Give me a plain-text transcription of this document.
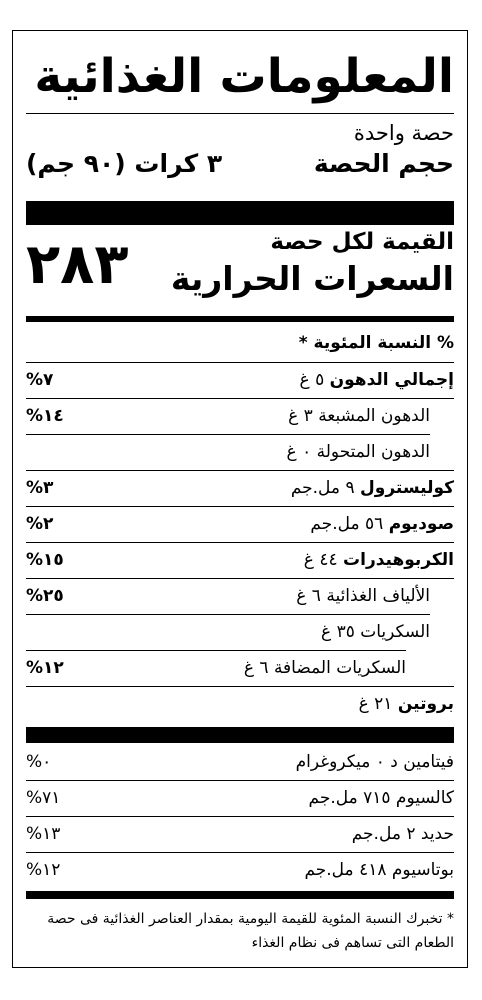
المعلومات الغذائية
حصة واحدة
حجم الحصة
٣ كرات (٩٠ جم)
القيمة لكل حصة
السعرات الحرارية
٢٨٣
% النسبة المئوية *
إجمالي الدهون ٥ غ
٧%
الدهون المشبعة ٣ غ
١٤%
الدهون المتحولة ٠ غ
كوليسترول ٩ مل.جم
٣%
صوديوم ٥٦ مل.جم
٢%
الكربوهيدرات ٤٤ غ
١٥%
الألياف الغذائية ٦ غ
٢٥%
السكريات ٣٥ غ
السكريات المضافة ٦ غ
١٢%
بروتين ٢١ غ
فيتامين د ٠ ميكروغرام
٠%
كالسيوم ٧١٥ مل.جم
٧١%
حديد ٢ مل.جم
١٣%
بوتاسيوم ٤١٨ مل.جم
١٢%
* تخبرك النسبة المئوية للقيمة اليومية بمقدار العناصر الغذائية فى حصة الطعام التى تساهم فى نظام الغذاء
